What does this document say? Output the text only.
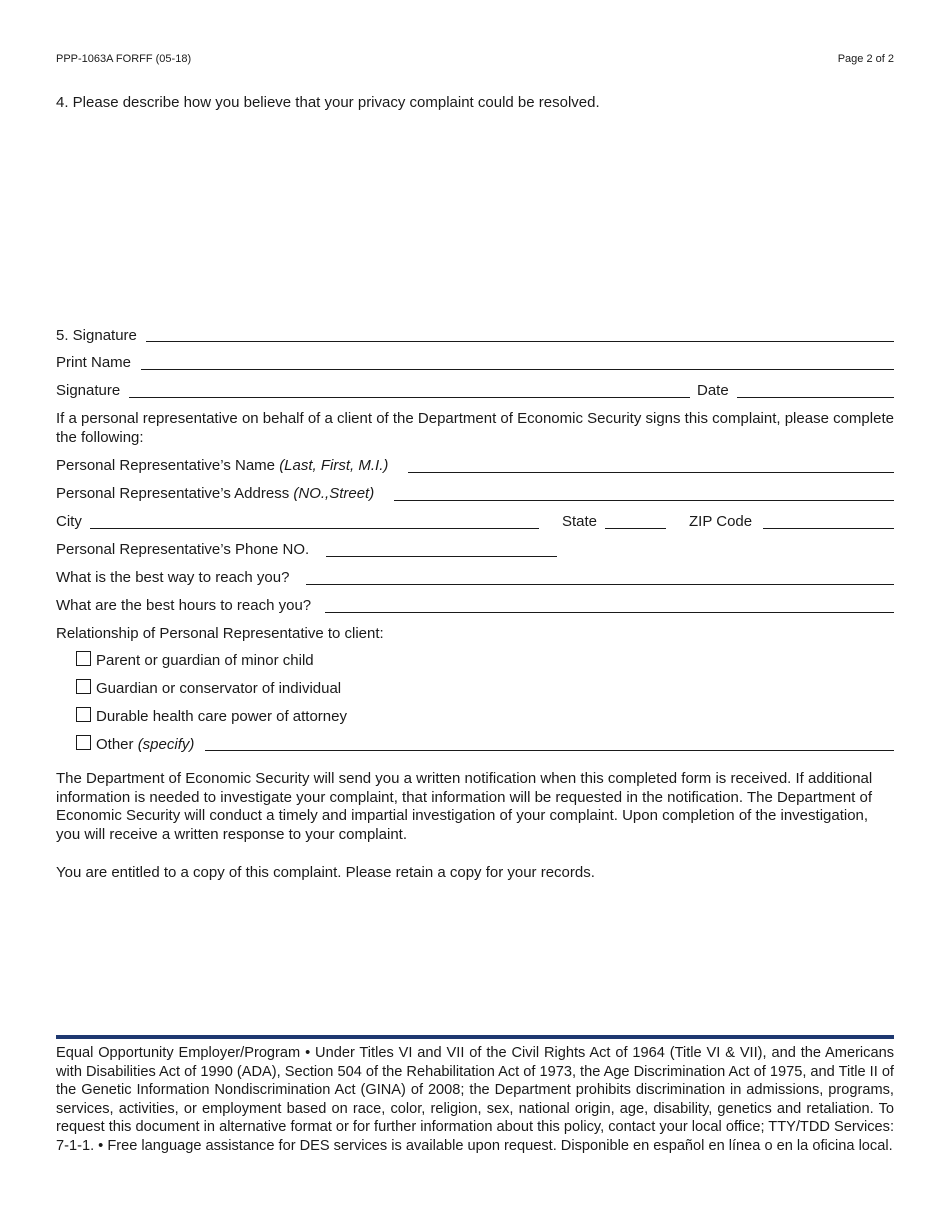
PPP-1063A FORFF (05-18)	Page 2 of 2
4. Please describe how you believe that your privacy complaint could be resolved.
5. Signature
Print Name
Signature	Date
If a personal representative on behalf of a client of the Department of Economic Security signs this complaint, please complete the following:
Personal Representative’s Name (Last, First, M.I.)
Personal Representative’s Address (NO.,Street)
City	State	ZIP Code
Personal Representative’s Phone NO.
What is the best way to reach you?
What are the best hours to reach you?
Relationship of Personal Representative to client:
Parent or guardian of minor child
Guardian or conservator of individual
Durable health care power of attorney
Other (specify)
The Department of Economic Security will send you a written notification when this completed form is received. If additional information is needed to investigate your complaint, that information will be requested in the notification. The Department of Economic Security will conduct a timely and impartial investigation of your complaint. Upon completion of the investigation, you will receive a written response to your complaint.
You are entitled to a copy of this complaint. Please retain a copy for your records.
Equal Opportunity Employer/Program • Under Titles VI and VII of the Civil Rights Act of 1964 (Title VI & VII), and the Americans with Disabilities Act of 1990 (ADA), Section 504 of the Rehabilitation Act of 1973, the Age Discrimination Act of 1975, and Title II of the Genetic Information Nondiscrimination Act (GINA) of 2008; the Department prohibits discrimination in admissions, programs, services, activities, or employment based on race, color, religion, sex, national origin, age, disability, genetics and retaliation. To request this document in alternative format or for further information about this policy, contact your local office; TTY/TDD Services: 7-1-1. • Free language assistance for DES services is available upon request. Disponible en español en línea o en la oficina local.
